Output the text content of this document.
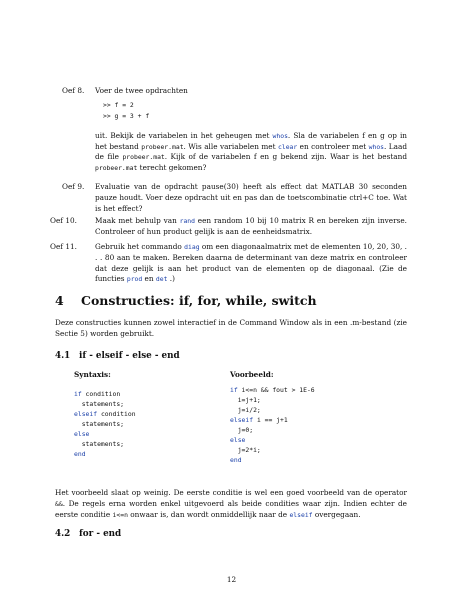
Oef 8.	Voer de twee opdrachten
>> f = 2
>> g = 3 + f
uit. Bekijk de variabelen in het geheugen met whos. Sla de variabelen f en g op in het bestand probeer.mat. Wis alle variabelen met clear en controleer met whos. Laad de file probeer.mat. Kijk of de variabelen f en g bekend zijn. Waar is het bestand probeer.mat terecht gekomen?
Oef 9.	Evaluatie van de opdracht pause(30) heeft als effect dat MATLAB 30 seconden pauze houdt. Voer deze opdracht uit en pas dan de toetscombinatie ctrl+C toe. Wat is het effect?
Oef 10.	Maak met behulp van rand een random 10 bij 10 matrix R en bereken zijn inverse. Controleer of hun product gelijk is aan de eenheidsmatrix.
Oef 11.	Gebruik het commando diag om een diagonaalmatrix met de elementen 10, 20, 30, . . . 80 aan te maken. Bereken daarna de determinant van deze matrix en controleer dat deze gelijk is aan het product van de elementen op de diagonaal. (Zie de functies prod en det .)
4 Constructies: if, for, while, switch
Deze constructies kunnen zowel interactief in de Command Window als in een .m-bestand (zie Sectie 5) worden gebruikt.
4.1 if - elseif - else - end
Syntaxis:
if condition
statements;
elseif condition
statements;
else
statements;
end
Voorbeeld:
if i<=n && fout > 1E-6
i=j+1;
j=i/2;
elseif i == j+1
j=0;
else
j=2*i;
end
Het voorbeeld slaat op weinig. De eerste conditie is wel een goed voorbeeld van de operator &&. De regels erna worden enkel uitgevoerd als beide condities waar zijn. Indien echter de eerste conditie i<=n onwaar is, dan wordt onmiddellijk naar de elseif overgegaan.
4.2 for - end
12
